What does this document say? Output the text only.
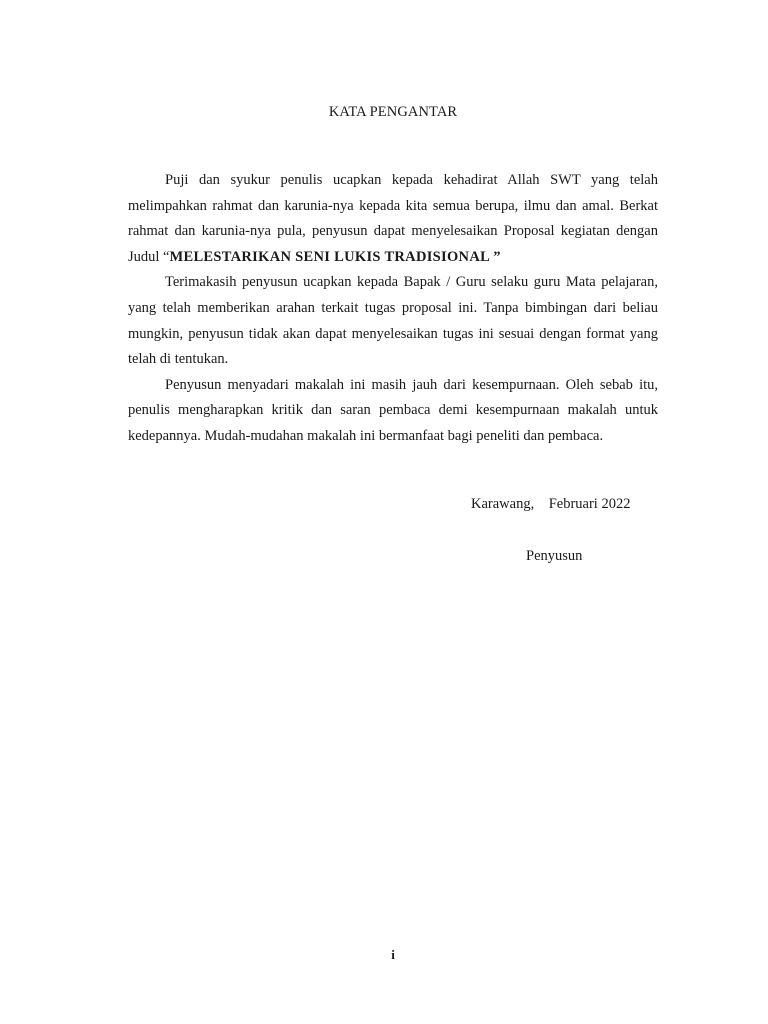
KATA PENGANTAR

Puji dan syukur penulis ucapkan kepada kehadirat Allah SWT yang telah melimpahkan rahmat dan karunia-nya kepada kita semua berupa, ilmu dan amal. Berkat rahmat dan karunia-nya pula, penyusun dapat menyelesaikan Proposal kegiatan dengan Judul “MELESTARIKAN SENI LUKIS TRADISIONAL ”

Terimakasih penyusun ucapkan kepada Bapak / Guru selaku guru Mata pelajaran, yang telah memberikan arahan terkait tugas proposal ini. Tanpa bimbingan dari beliau mungkin, penyusun tidak akan dapat menyelesaikan tugas ini sesuai dengan format yang telah di tentukan.

Penyusun menyadari makalah ini masih jauh dari kesempurnaan. Oleh sebab itu, penulis mengharapkan kritik dan saran pembaca demi kesempurnaan makalah untuk kedepannya. Mudah-mudahan makalah ini bermanfaat bagi peneliti dan pembaca.

Karawang,    Februari 2022
Penyusun
i
